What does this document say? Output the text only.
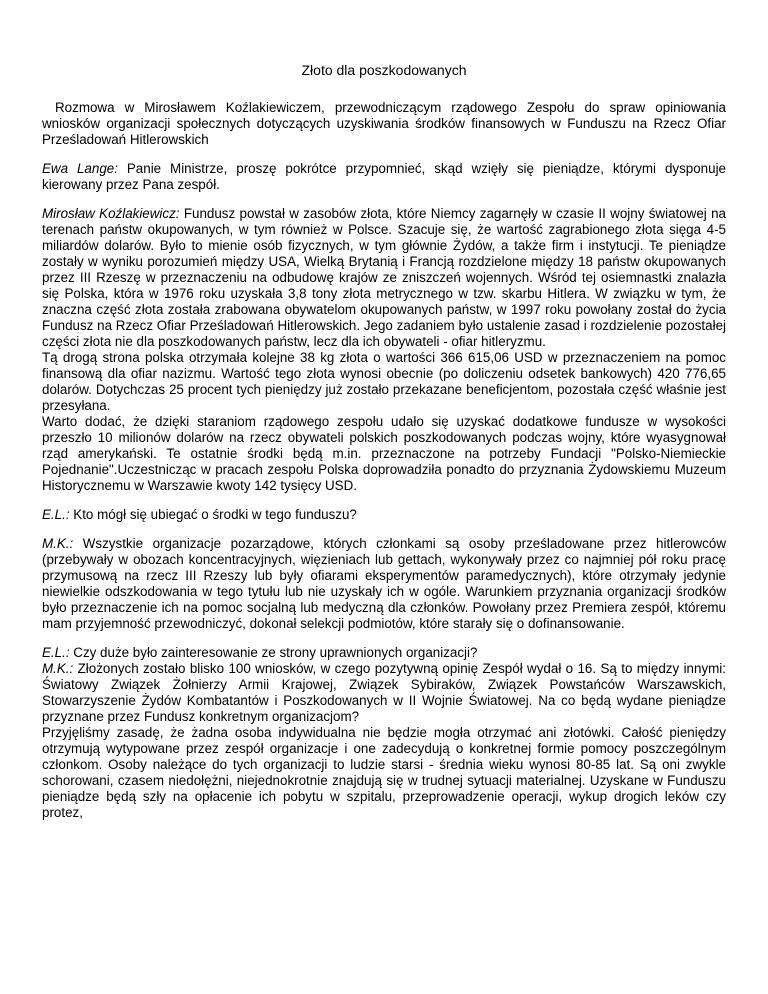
Złoto dla poszkodowanych

Rozmowa w Mirosławem Koźlakiewiczem, przewodniczącym rządowego Zespołu do spraw opiniowania wniosków organizacji społecznych dotyczących uzyskiwania środków finansowych w Funduszu na Rzecz Ofiar Prześladowań Hitlerowskich

Ewa Lange: Panie Ministrze, proszę pokrótce przypomnieć, skąd wzięły się pieniądze, którymi dysponuje kierowany przez Pana zespół.

Mirosław Koźlakiewicz: Fundusz powstał w zasobów złota, które Niemcy zagarnęły w czasie II wojny światowej na terenach państw okupowanych, w tym również w Polsce. Szacuje się, że wartość zagrabionego złota sięga 4-5 miliardów dolarów. Było to mienie osób fizycznych, w tym głównie Żydów, a także firm i instytucji. Te pieniądze zostały w wyniku porozumień między USA, Wielką Brytanią i Francją rozdzielone między 18 państw okupowanych przez III Rzeszę w przeznaczeniu na odbudowę krajów ze zniszczeń wojennych. Wśród tej osiemnastki znalazła się Polska, która w 1976 roku uzyskała 3,8 tony złota metrycznego w tzw. skarbu Hitlera. W związku w tym, że znaczna część złota została zrabowana obywatelom okupowanych państw, w 1997 roku powołany został do życia Fundusz na Rzecz Ofiar Prześladowań Hitlerowskich. Jego zadaniem było ustalenie zasad i rozdzielenie pozostałej części złota nie dla poszkodowanych państw, lecz dla ich obywateli - ofiar hitleryzmu.

Tą drogą strona polska otrzymała kolejne 38 kg złota o wartości 366 615,06 USD w przeznaczeniem na pomoc finansową dla ofiar nazizmu. Wartość tego złota wynosi obecnie (po doliczeniu odsetek bankowych) 420 776,65 dolarów. Dotychczas 25 procent tych pieniędzy już zostało przekazane beneficjentom, pozostała część właśnie jest przesyłana.

Warto dodać, że dzięki staraniom rządowego zespołu udało się uzyskać dodatkowe fundusze w wysokości przeszło 10 milionów dolarów na rzecz obywateli polskich poszkodowanych podczas wojny, które wyasygnował rząd amerykański. Te ostatnie środki będą m.in. przeznaczone na potrzeby Fundacji "Polsko-Niemieckie Pojednanie".Uczestnicząc w pracach zespołu Polska doprowadziła ponadto do przyznania Żydowskiemu Muzeum Historycznemu w Warszawie kwoty 142 tysięcy USD.

E.L.: Kto mógł się ubiegać o środki w tego funduszu?

M.K.: Wszystkie organizacje pozarządowe, których członkami są osoby prześladowane przez hitlerowców (przebywały w obozach koncentracyjnych, więzieniach lub gettach, wykonywały przez co najmniej pół roku pracę przymusową na rzecz III Rzeszy lub były ofiarami eksperymentów paramedycznych), które otrzymały jedynie niewielkie odszkodowania w tego tytułu lub nie uzyskały ich w ogóle. Warunkiem przyznania organizacji środków było przeznaczenie ich na pomoc socjalną lub medyczną dla członków. Powołany przez Premiera zespół, któremu mam przyjemność przewodniczyć, dokonał selekcji podmiotów, które starały się o dofinansowanie.

E.L.: Czy duże było zainteresowanie ze strony uprawnionych organizacji?

M.K.: Złożonych zostało blisko 100 wniosków, w czego pozytywną opinię Zespół wydał o 16. Są to między innymi: Światowy Związek Żołnierzy Armii Krajowej, Związek Sybiraków, Związek Powstańców Warszawskich, Stowarzyszenie Żydów Kombatantów i Poszkodowanych w II Wojnie Światowej. Na co będą wydane pieniądze przyznane przez Fundusz konkretnym organizacjom?

Przyjęliśmy zasadę, że żadna osoba indywidualna nie będzie mogła otrzymać ani złotówki. Całość pieniędzy otrzymują wytypowane przez zespół organizacje i one zadecydują o konkretnej formie pomocy poszczególnym członkom. Osoby należące do tych organizacji to ludzie starsi - średnia wieku wynosi 80-85 lat. Są oni zwykle schorowani, czasem niedołężni, niejednokrotnie znajdują się w trudnej sytuacji materialnej. Uzyskane w Funduszu pieniądze będą szły na opłacenie ich pobytu w szpitalu, przeprowadzenie operacji, wykup drogich leków czy protez,
